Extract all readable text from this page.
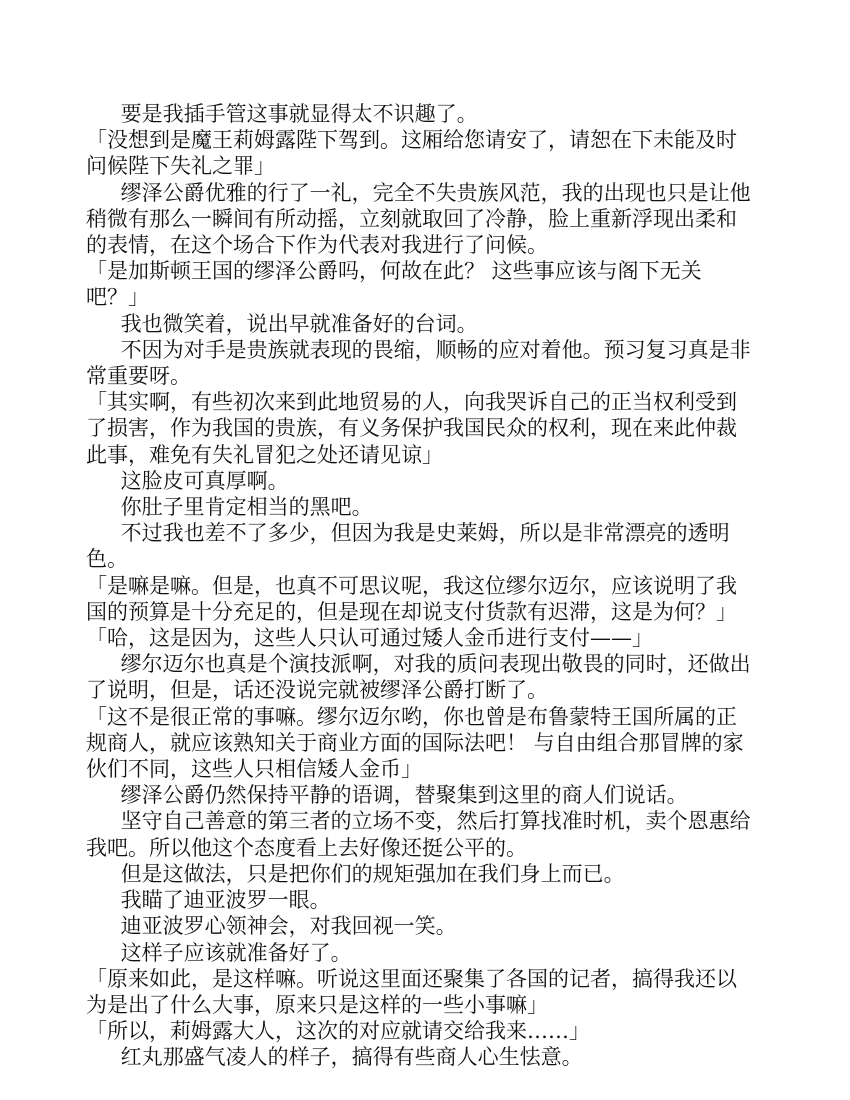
要是我插手管这事就显得太不识趣了。

「没想到是魔王莉姆露陛下驾到。这厢给您请安了，请恕在下未能及时问候陛下失礼之罪」

缪泽公爵优雅的行了一礼，完全不失贵族风范，我的出现也只是让他稍微有那么一瞬间有所动摇，立刻就取回了冷静，脸上重新浮现出柔和的表情，在这个场合下作为代表对我进行了问候。

「是加斯顿王国的缪泽公爵吗，何故在此？ 这些事应该与阁下无关吧？」

我也微笑着，说出早就准备好的台词。

不因为对手是贵族就表现的畏缩，顺畅的应对着他。预习复习真是非常重要呀。

「其实啊，有些初次来到此地贸易的人，向我哭诉自己的正当权利受到了损害，作为我国的贵族，有义务保护我国民众的权利，现在来此仲裁此事，难免有失礼冒犯之处还请见谅」

这脸皮可真厚啊。

你肚子里肯定相当的黑吧。

不过我也差不了多少，但因为我是史莱姆，所以是非常漂亮的透明色。

「是嘛是嘛。但是，也真不可思议呢，我这位缪尔迈尔，应该说明了我国的预算是十分充足的，但是现在却说支付货款有迟滞，这是为何？」

「哈，这是因为，这些人只认可通过矮人金币进行支付——」

缪尔迈尔也真是个演技派啊，对我的质问表现出敬畏的同时，还做出了说明，但是，话还没说完就被缪泽公爵打断了。

「这不是很正常的事嘛。缪尔迈尔哟，你也曾是布鲁蒙特王国所属的正规商人，就应该熟知关于商业方面的国际法吧！ 与自由组合那冒牌的家伙们不同，这些人只相信矮人金币」

缪泽公爵仍然保持平静的语调，替聚集到这里的商人们说话。

坚守自己善意的第三者的立场不变，然后打算找准时机，卖个恩惠给我吧。所以他这个态度看上去好像还挺公平的。

但是这做法，只是把你们的规矩强加在我们身上而已。

我瞄了迪亚波罗一眼。

迪亚波罗心领神会，对我回视一笑。

这样子应该就准备好了。

「原来如此，是这样嘛。听说这里面还聚集了各国的记者，搞得我还以为是出了什么大事，原来只是这样的一些小事嘛」

「所以，莉姆露大人，这次的对应就请交给我来……」

红丸那盛气凌人的样子，搞得有些商人心生怯意。
